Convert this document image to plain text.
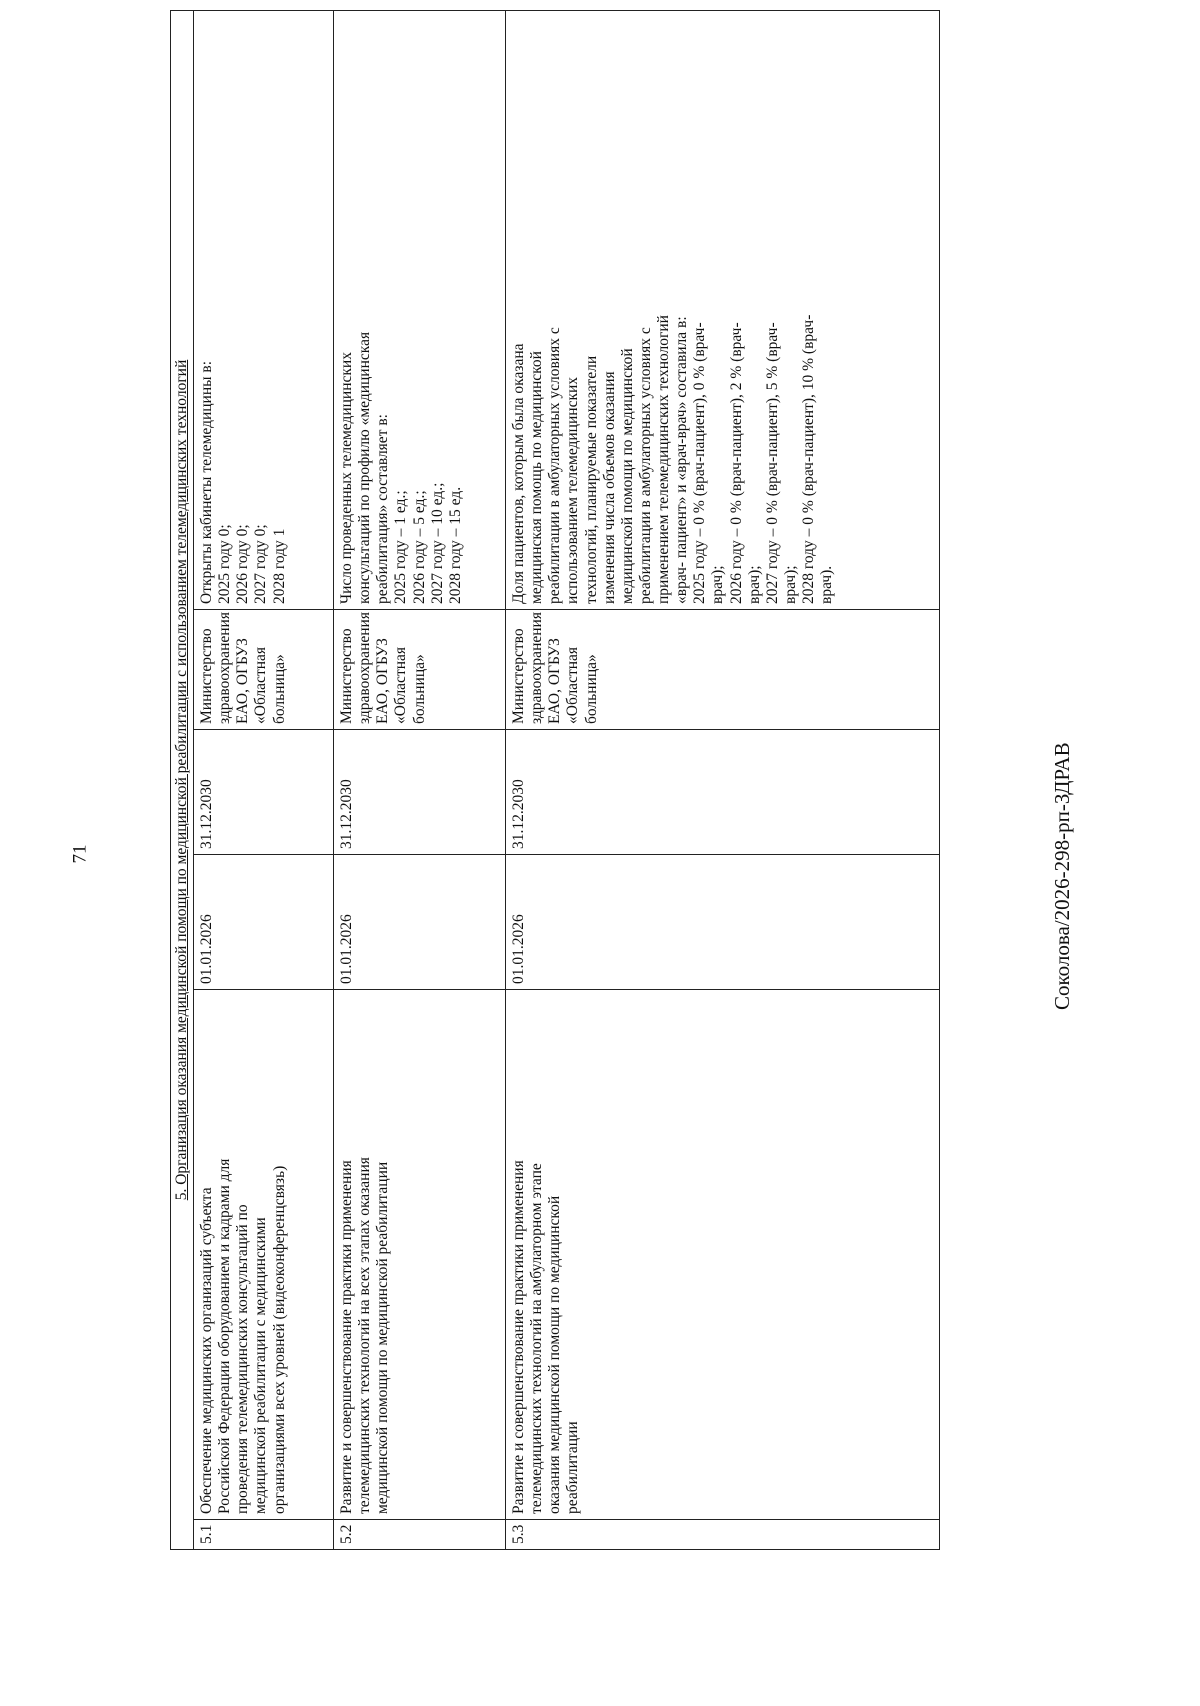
71	5. Организация оказания медицинской помощи по медицинской реабилитации с использованием телемедицинских технологий
5.1
Обеспечение медицинских организаций субъекта Российской Федерации оборудованием и кадрами для проведения телемедицинских консультаций по медицинской реабилитации с медицинскими организациями всех уровней (видеоконференцсвязь)
01.01.2026
31.12.2030
Министерство здравоохранения ЕАО, ОГБУЗ «Областная больница»
Открыты кабинеты телемедицины в: 2025 году 0; 2026 году 0; 2027 году 0; 2028 году 1
5.2
Развитие и совершенствование практики применения телемедицинских технологий на всех этапах оказания медицинской помощи по медицинской реабилитации
01.01.2026
31.12.2030
Министерство здравоохранения ЕАО, ОГБУЗ «Областная больница»
Число проведенных телемедицинских консультаций по профилю «медицинская реабилитация» составляет в: 2025 году – 1 ед.; 2026 году – 5 ед.; 2027 году – 10 ед.; 2028 году – 15 ед.
5.3
Развитие и совершенствование практики применения телемедицинских технологий на амбулаторном этапе оказания медицинской помощи по медицинской реабилитации
01.01.2026
31.12.2030
Министерство здравоохранения ЕАО, ОГБУЗ «Областная больница»
Доля пациентов, которым была оказана медицинская помощь по медицинской реабилитации в амбулаторных условиях с использованием телемедицинских технологий, планируемые показатели изменения числа объемов оказания медицинской помощи по медицинской реабилитации в амбулаторных условиях с применением телемедицинских технологий «врач- пациент» и «врач-врач» составила в: 2025 году – 0 % (врач-пациент), 0 % (врач- врач); 2026 году – 0 % (врач-пациент), 2 % (врач- врач); 2027 году – 0 % (врач-пациент), 5 % (врач- врач); 2028 году – 0 % (врач-пациент), 10 % (врач- врач).
Соколова/2026-298-рп-ЗДРАВ
